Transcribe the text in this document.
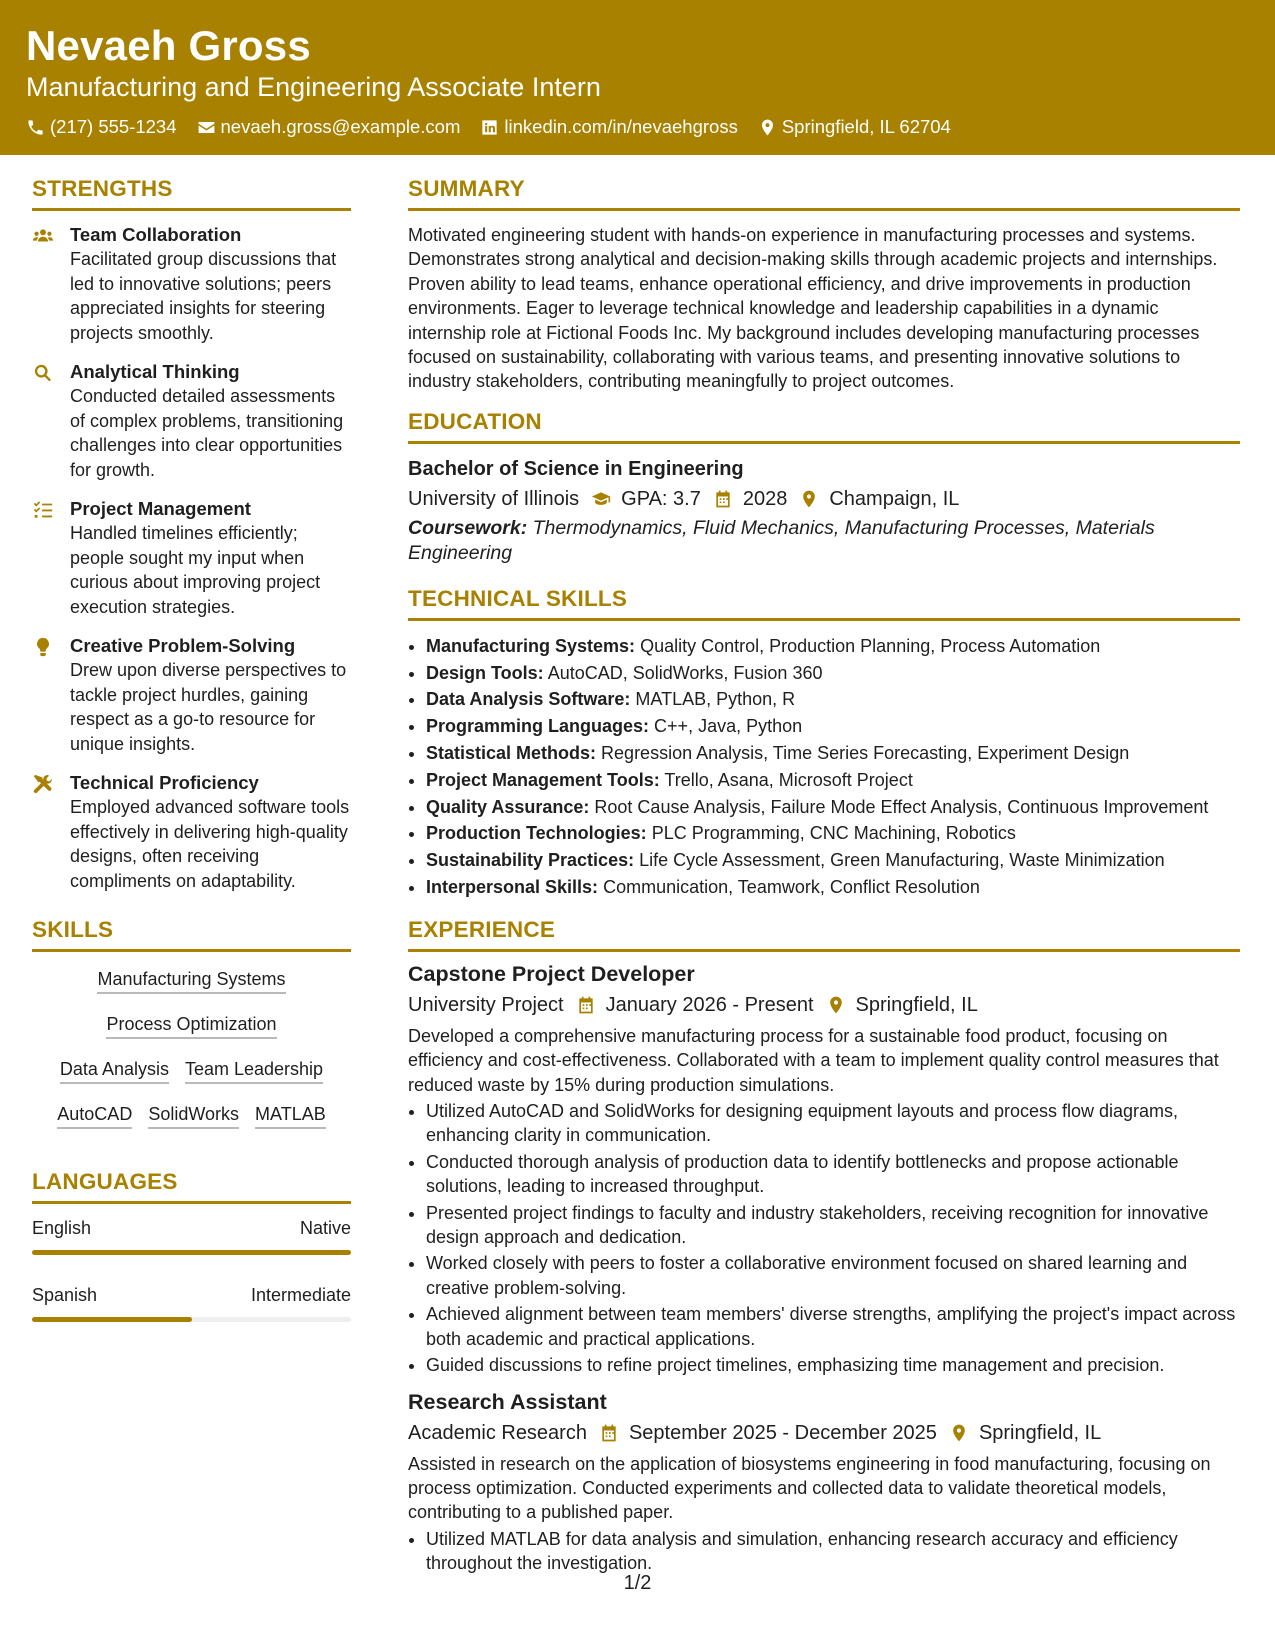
Nevaeh Gross
Manufacturing and Engineering Associate Intern
(217) 555-1234 nevaeh.gross@example.com linkedin.com/in/nevaehgross Springfield, IL 62704
STRENGTHS
Team Collaboration
Facilitated group discussions that led to innovative solutions; peers appreciated insights for steering projects smoothly.
Analytical Thinking
Conducted detailed assessments of complex problems, transitioning challenges into clear opportunities for growth.
Project Management
Handled timelines efficiently; people sought my input when curious about improving project execution strategies.
Creative Problem-Solving
Drew upon diverse perspectives to tackle project hurdles, gaining respect as a go-to resource for unique insights.
Technical Proficiency
Employed advanced software tools effectively in delivering high-quality designs, often receiving compliments on adaptability.
SKILLS
Manufacturing Systems
Process Optimization
Data Analysis Team Leadership
AutoCAD SolidWorks MATLAB
LANGUAGES
English	Native
Spanish	Intermediate
SUMMARY
Motivated engineering student with hands-on experience in manufacturing processes and systems. Demonstrates strong analytical and decision-making skills through academic projects and internships. Proven ability to lead teams, enhance operational efficiency, and drive improvements in production environments. Eager to leverage technical knowledge and leadership capabilities in a dynamic internship role at Fictional Foods Inc. My background includes developing manufacturing processes focused on sustainability, collaborating with various teams, and presenting innovative solutions to industry stakeholders, contributing meaningfully to project outcomes.
EDUCATION
Bachelor of Science in Engineering
University of Illinois GPA: 3.7 2028 Champaign, IL
Coursework: Thermodynamics, Fluid Mechanics, Manufacturing Processes, Materials Engineering
TECHNICAL SKILLS
• Manufacturing Systems: Quality Control, Production Planning, Process Automation
• Design Tools: AutoCAD, SolidWorks, Fusion 360
• Data Analysis Software: MATLAB, Python, R
• Programming Languages: C++, Java, Python
• Statistical Methods: Regression Analysis, Time Series Forecasting, Experiment Design
• Project Management Tools: Trello, Asana, Microsoft Project
• Quality Assurance: Root Cause Analysis, Failure Mode Effect Analysis, Continuous Improvement
• Production Technologies: PLC Programming, CNC Machining, Robotics
• Sustainability Practices: Life Cycle Assessment, Green Manufacturing, Waste Minimization
• Interpersonal Skills: Communication, Teamwork, Conflict Resolution
EXPERIENCE
Capstone Project Developer
University Project January 2026 - Present Springfield, IL
Developed a comprehensive manufacturing process for a sustainable food product, focusing on efficiency and cost-effectiveness. Collaborated with a team to implement quality control measures that reduced waste by 15% during production simulations.
• Utilized AutoCAD and SolidWorks for designing equipment layouts and process flow diagrams, enhancing clarity in communication.
• Conducted thorough analysis of production data to identify bottlenecks and propose actionable solutions, leading to increased throughput.
• Presented project findings to faculty and industry stakeholders, receiving recognition for innovative design approach and dedication.
• Worked closely with peers to foster a collaborative environment focused on shared learning and creative problem-solving.
• Achieved alignment between team members' diverse strengths, amplifying the project's impact across both academic and practical applications.
• Guided discussions to refine project timelines, emphasizing time management and precision.
Research Assistant
Academic Research September 2025 - December 2025 Springfield, IL
Assisted in research on the application of biosystems engineering in food manufacturing, focusing on process optimization. Conducted experiments and collected data to validate theoretical models, contributing to a published paper.
• Utilized MATLAB for data analysis and simulation, enhancing research accuracy and efficiency throughout the investigation.
1/2
